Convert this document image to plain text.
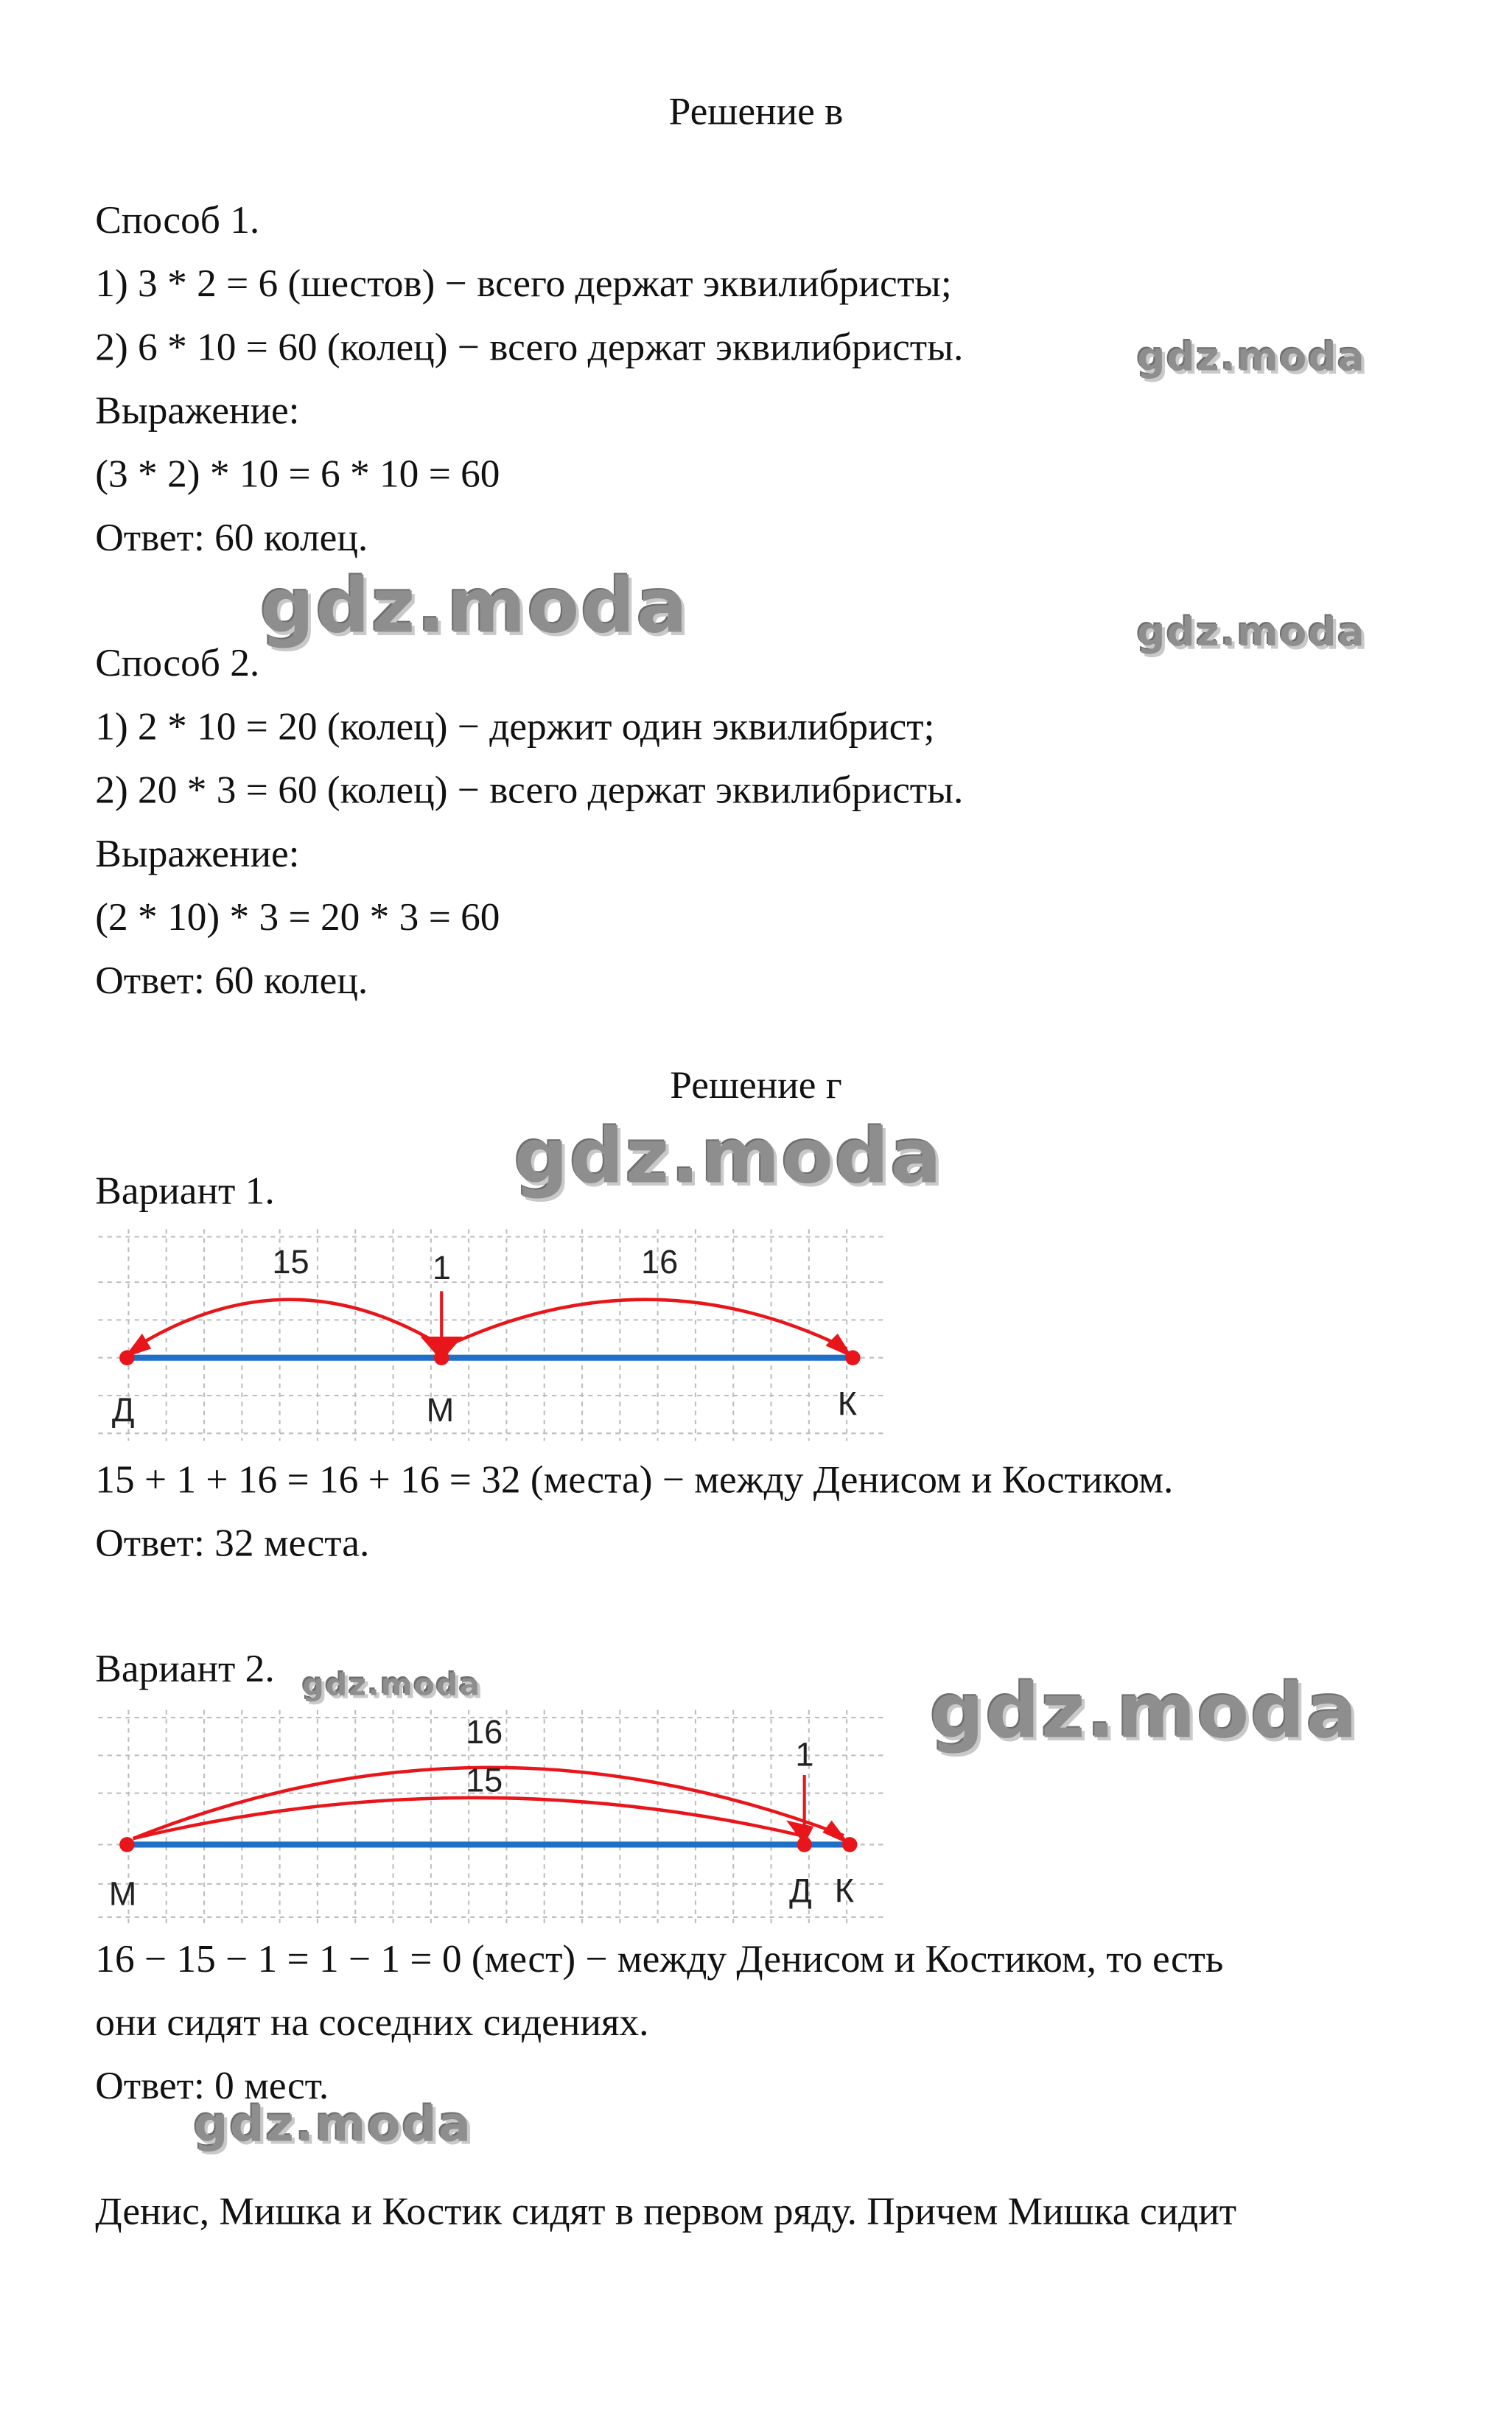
Решение в
Способ 1.
1) 3 * 2 = 6 (шестов) − всего держат эквилибристы;
2) 6 * 10 = 60 (колец) − всего держат эквилибристы.
Выражение:
(3 * 2) * 10 = 6 * 10 = 60
Ответ: 60 колец.
Способ 2.
1) 2 * 10 = 20 (колец) − держит один эквилибрист;
2) 20 * 3 = 60 (колец) − всего держат эквилибристы.
Выражение:
(2 * 10) * 3 = 20 * 3 = 60
Ответ: 60 колец.
Решение г
Вариант 1.
15	16
1
Д	М	К
15 + 1 + 16 = 16 + 16 = 32 (места) − между Денисом и Костиком.
Ответ: 32 места.
Вариант 2.
16
15
1
М	Д К
16 − 15 − 1 = 1 − 1 = 0 (мест) − между Денисом и Костиком, то есть
они сидят на соседних сидениях.
Ответ: 0 мест.
Денис, Мишка и Костик сидят в первом ряду. Причем Мишка сидит
gdz.moda
gdz.moda	gdz.moda
gdz.moda
gdz.moda	gdz.moda
gdz.moda
